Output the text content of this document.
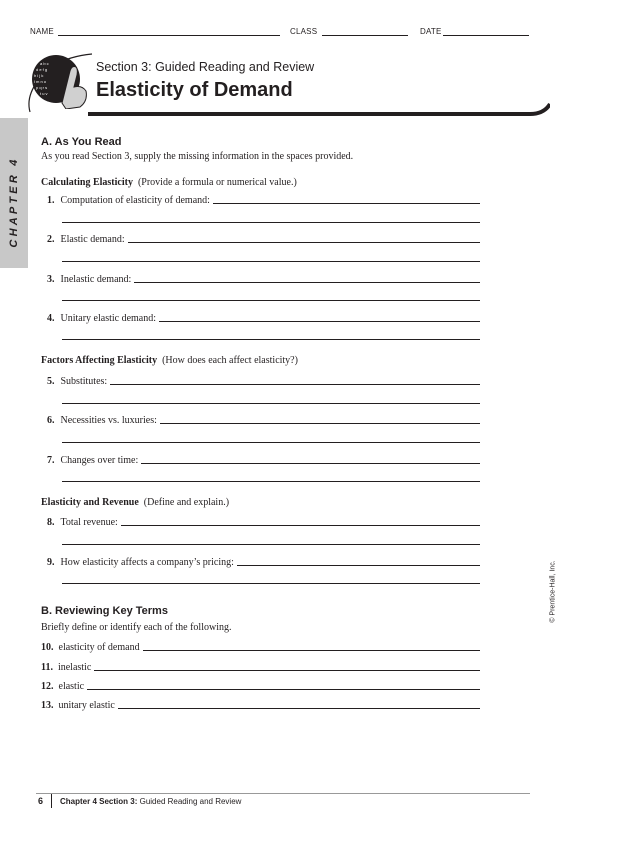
NAME	CLASS	DATE
CHAPTER 4
a b c
d e f g
h i j k
l m n o
p q r s
t u v
Section 3: Guided Reading and Review
Elasticity of Demand
A. As You Read
As you read Section 3, supply the missing information in the spaces provided.
Calculating Elasticity (Provide a formula or numerical value.)
1. Computation of elasticity of demand:
2. Elastic demand:
3. Inelastic demand:
4. Unitary elastic demand:
Factors Affecting Elasticity (How does each affect elasticity?)
5. Substitutes:
6. Necessities vs. luxuries:
7. Changes over time:
Elasticity and Revenue (Define and explain.)
8. Total revenue:
9. How elasticity affects a company’s pricing:
B. Reviewing Key Terms
Briefly define or identify each of the following.
10. elasticity of demand
11. inelastic
12. elastic
13. unitary elastic
© Prentice-Hall, Inc.
6 Chapter 4 Section 3: Guided Reading and Review
